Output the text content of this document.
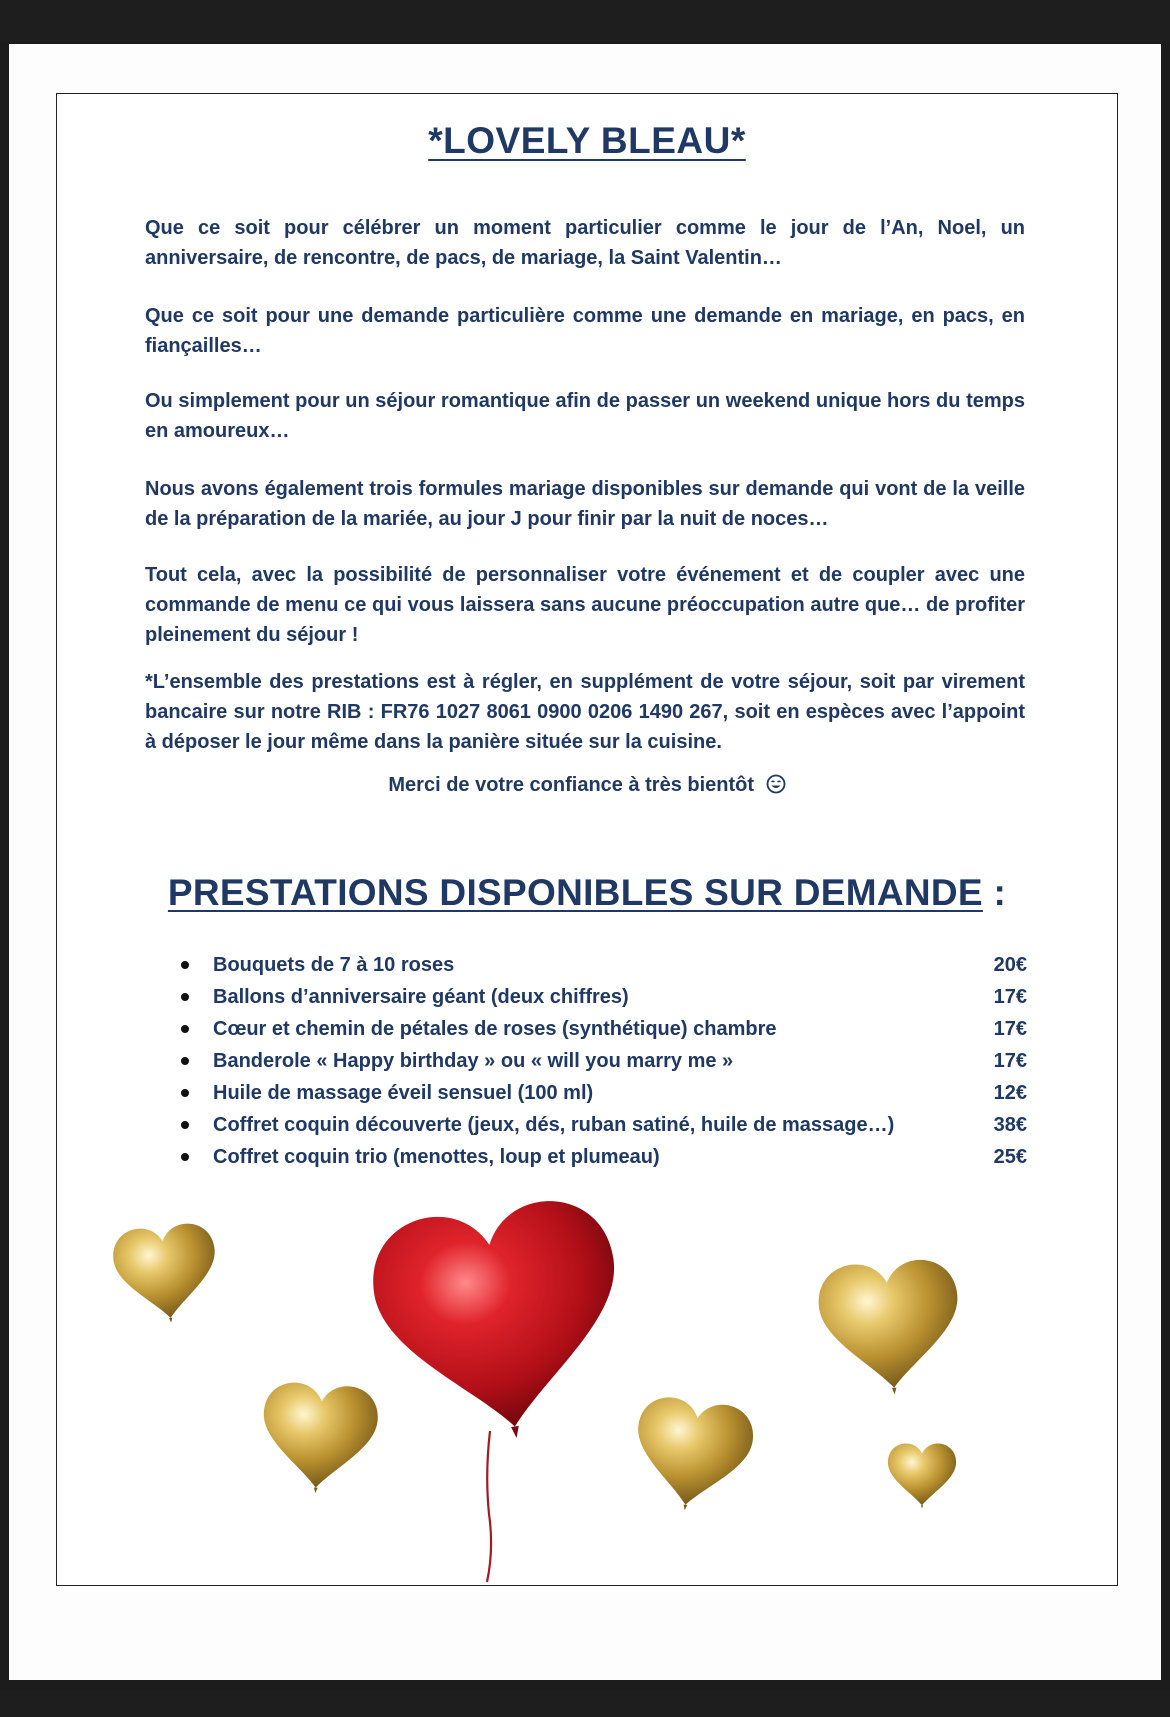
*LOVELY BLEAU*
Que ce soit pour célébrer un moment particulier comme le jour de l’An, Noel, un anniversaire, de rencontre, de pacs, de mariage, la Saint Valentin…
Que ce soit pour une demande particulière comme une demande en mariage, en pacs, en fiançailles…
Ou simplement pour un séjour romantique afin de passer un weekend unique hors du temps en amoureux…
Nous avons également trois formules mariage disponibles sur demande qui vont de la veille de la préparation de la mariée, au jour J pour finir par la nuit de noces…
Tout cela, avec la possibilité de personnaliser votre événement et de coupler avec une commande de menu ce qui vous laissera sans aucune préoccupation autre que… de profiter pleinement du séjour !
*L’ensemble des prestations est à régler, en supplément de votre séjour, soit par virement bancaire sur notre RIB : FR76 1027 8061 0900 0206 1490 267, soit en espèces avec l’appoint à déposer le jour même dans la panière située sur la cuisine.
Merci de votre confiance à très bientôt
PRESTATIONS DISPONIBLES SUR DEMANDE :
Bouquets de 7 à 10 roses	20€
Ballons d’anniversaire géant (deux chiffres)	17€
Cœur et chemin de pétales de roses (synthétique) chambre	17€
Banderole « Happy birthday » ou « will you marry me »	17€
Huile de massage éveil sensuel (100 ml)	12€
Coffret coquin découverte (jeux, dés, ruban satiné, huile de massage…)	38€
Coffret coquin trio (menottes, loup et plumeau)	25€
